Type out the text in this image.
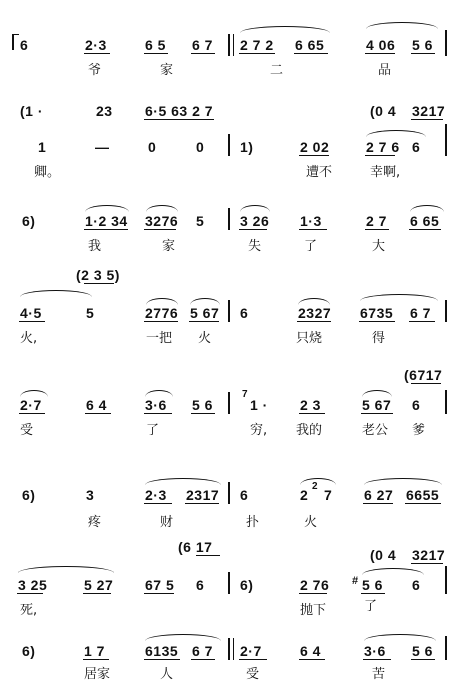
6	2·3	6 5 6 7 2 7 2 6 65	4 06 5 6
爷	家	二	品
(1 ·	23 6·5 63 2 7	(0 4 3217
1	—	0	0	1)	2 02	2 7 6 6
卿。	遭不	幸啊,
6)	1·2 34 3276 5	3 26 1·3	2 7 6 65
我	家	失	了	大
(2 3 5)
4·5	5	2776 5 67 6	2327 6735 6 7
火,	一把 火	只烧	得
(6717
2·7	6 4	3·6 5 6
7
1 · 2 3	5 67 6
受	了	穷, 我的	老公 爹
6)	3	2·3 2317 6	2
2
7 6 27 6655
疼	财	扑	火
(6 17	(0 4 3217
3 25	5 27 67 5 6	6)	2 76 # 5 6 6
死,	抛下	了
6)	1 7	6135 6 7 2·7	6 4	3·6 5 6
居家	人	受	苦
